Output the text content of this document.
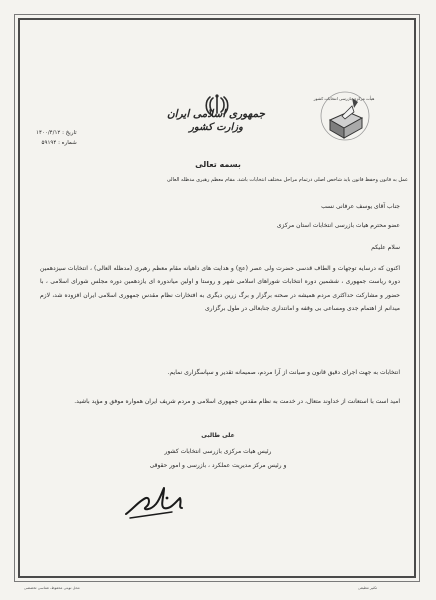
جمهوری اسلامی ایران
وزارت کشور
هیأت مرکزی بازرسی انتخابات کشور
تاریخ : ۱۴۰۰/۴/۱۲
شماره : ۵۹۱۹۴
بسمه تعالی
عمل به قانون وحفظ قانون باید شاخص اصلی درتمام مراحل مختلف انتخابات باشد. مقام معظم رهبری مدظله العالی
جناب آقای یوسف عرفانی نسب
عضو محترم هیات بازرسی انتخابات استان مرکزی
سلام علیکم
اکنون که درسایه توجهات و الطاف قدسی حضرت ولی عصر (عج) و هدایت های داهیانه مقام معظم رهبری (مدظله العالی) ، انتخابات سیزدهمین دوره ریاست جمهوری ، ششمین دوره انتخابات شوراهای اسلامی شهر و روستا و اولین میاندوره ای یازدهمین دوره مجلس شورای اسلامی ، با حضور و مشارکت حداکثری مردم همیشه در صحنه برگزار و برگ زرین دیگری به افتخارات نظام مقدس جمهوری اسلامی ایران افزوده شد، لازم میدانم از اهتمام جدی ومساعی بی وقفه و امانتداری جنابعالی در طول برگزاری
انتخابات به جهت اجرای دقیق قانون و صیانت از آرا مردم، صمیمانه تقدیر و سپاسگزاری نمایم.
امید است با استعانت از خداوند متعال، در خدمت به نظام مقدس جمهوری اسلامی و مردم شریف ایران همواره موفق و مؤید باشید.
علی طالبی
رئیس هیات مرکزی بازرسی انتخابات کشور
و رئیس مرکز مدیریت عملکرد ، بازرسی و امور حقوقی
محل نوبتی محفوظ، شناسی تخصصی	تکثیر مطبقی
